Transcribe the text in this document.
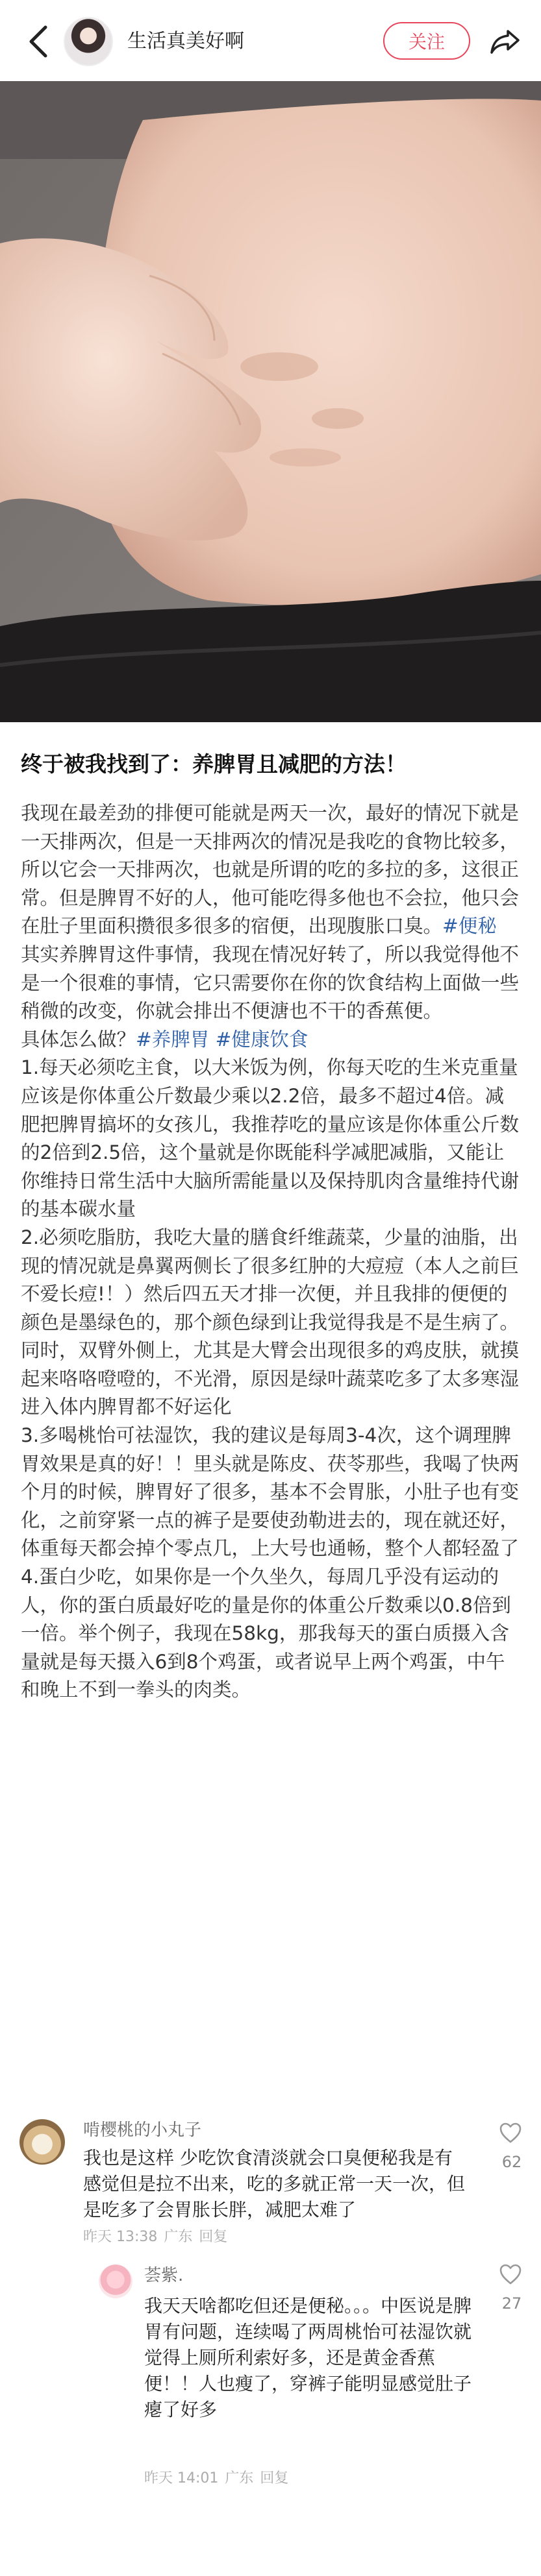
生活真美好啊	关注
终于被我找到了：养脾胃且减肥的方法！

我现在最差劲的排便可能就是两天一次，最好的情况下就是一天排两次，但是一天排两次的情况是我吃的食物比较多，所以它会一天排两次，也就是所谓的吃的多拉的多，这很正常。但是脾胃不好的人，他可能吃得多他也不会拉，他只会在肚子里面积攒很多很多的宿便，出现腹胀口臭。#便秘

其实养脾胃这件事情，我现在情况好转了，所以我觉得他不是一个很难的事情，它只需要你在你的饮食结构上面做一些稍微的改变，你就会排出不便溏也不干的香蕉便。

具体怎么做？#养脾胃 #健康饮食

1.每天必须吃主食，以大米饭为例，你每天吃的生米克重量应该是你体重公斤数最少乘以2.2倍，最多不超过4倍。减肥把脾胃搞坏的女孩儿，我推荐吃的量应该是你体重公斤数的2倍到2.5倍，这个量就是你既能科学减肥减脂，又能让你维持日常生活中大脑所需能量以及保持肌肉含量维持代谢的基本碳水量

2.必须吃脂肪，我吃大量的膳食纤维蔬菜，少量的油脂，出现的情况就是鼻翼两侧长了很多红肿的大痘痘（本人之前巨不爱长痘!！）然后四五天才排一次便，并且我排的便便的颜色是墨绿色的，那个颜色绿到让我觉得我是不是生病了。同时，双臂外侧上，尤其是大臂会出现很多的鸡皮肤，就摸起来咯咯噔噔的，不光滑，原因是绿叶蔬菜吃多了太多寒湿进入体内脾胃都不好运化

3.多喝桃怡可祛湿饮，我的建议是每周3-4次，这个调理脾胃效果是真的好！！里头就是陈皮、茯苓那些，我喝了快两个月的时候，脾胃好了很多，基本不会胃胀，小肚子也有变化，之前穿紧一点的裤子是要使劲勒进去的，现在就还好，体重每天都会掉个零点几，上大号也通畅，整个人都轻盈了

4.蛋白少吃，如果你是一个久坐久，每周几乎没有运动的人，你的蛋白质最好吃的量是你的体重公斤数乘以0.8倍到一倍。举个例子，我现在58kg，那我每天的蛋白质摄入含量就是每天摄入6到8个鸡蛋，或者说早上两个鸡蛋，中午和晚上不到一拳头的肉类。

啃樱桃的小丸子
我也是这样 少吃饮食清淡就会口臭便秘我是有感觉但是拉不出来，吃的多就正常一天一次，但是吃多了会胃胀长胖，减肥太难了
昨天 13:38 广东 回复
62
荟紫.
我天天啥都吃但还是便秘。。。中医说是脾胃有问题，连续喝了两周桃怡可祛湿饮就觉得上厕所利索好多，还是黄金香蕉便！！人也瘦了，穿裤子能明显感觉肚子瘪了好多
昨天 14:01 广东 回复
27
